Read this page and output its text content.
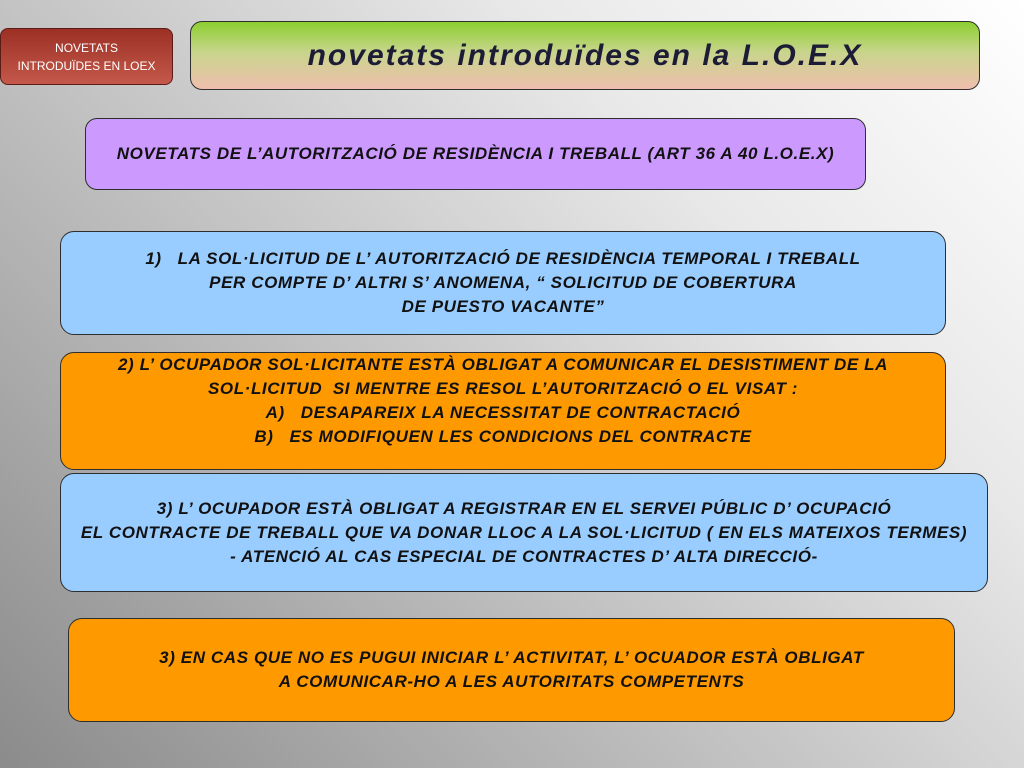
NOVETATS
INTRODUÏDES EN LOEX	novetats introduïdes en la L.O.E.X
NOVETATS DE L’AUTORITZACIÓ DE RESIDÈNCIA I TREBALL (ART 36 A 40 L.O.E.X)
1)   LA SOL·LICITUD DE L’ AUTORITZACIÓ DE RESIDÈNCIA TEMPORAL I TREBALL
PER COMPTE D’ ALTRI S’ ANOMENA, “ SOLICITUD DE COBERTURA
DE PUESTO VACANTE”
2) L’ OCUPADOR SOL·LICITANTE ESTÀ OBLIGAT A COMUNICAR EL DESISTIMENT DE LA
SOL·LICITUD  SI MENTRE ES RESOL L’AUTORITZACIÓ O EL VISAT :
A)   DESAPAREIX LA NECESSITAT DE CONTRACTACIÓ
B)   ES MODIFIQUEN LES CONDICIONS DEL CONTRACTE
3) L’ OCUPADOR ESTÀ OBLIGAT A REGISTRAR EN EL SERVEI PÚBLIC D’ OCUPACIÓ
EL CONTRACTE DE TREBALL QUE VA DONAR LLOC A LA SOL·LICITUD ( EN ELS MATEIXOS TERMES)
- ATENCIÓ AL CAS ESPECIAL DE CONTRACTES D’ ALTA DIRECCIÓ-
3) EN CAS QUE NO ES PUGUI INICIAR L’ ACTIVITAT, L’ OCUADOR ESTÀ OBLIGAT
A COMUNICAR-HO A LES AUTORITATS COMPETENTS
